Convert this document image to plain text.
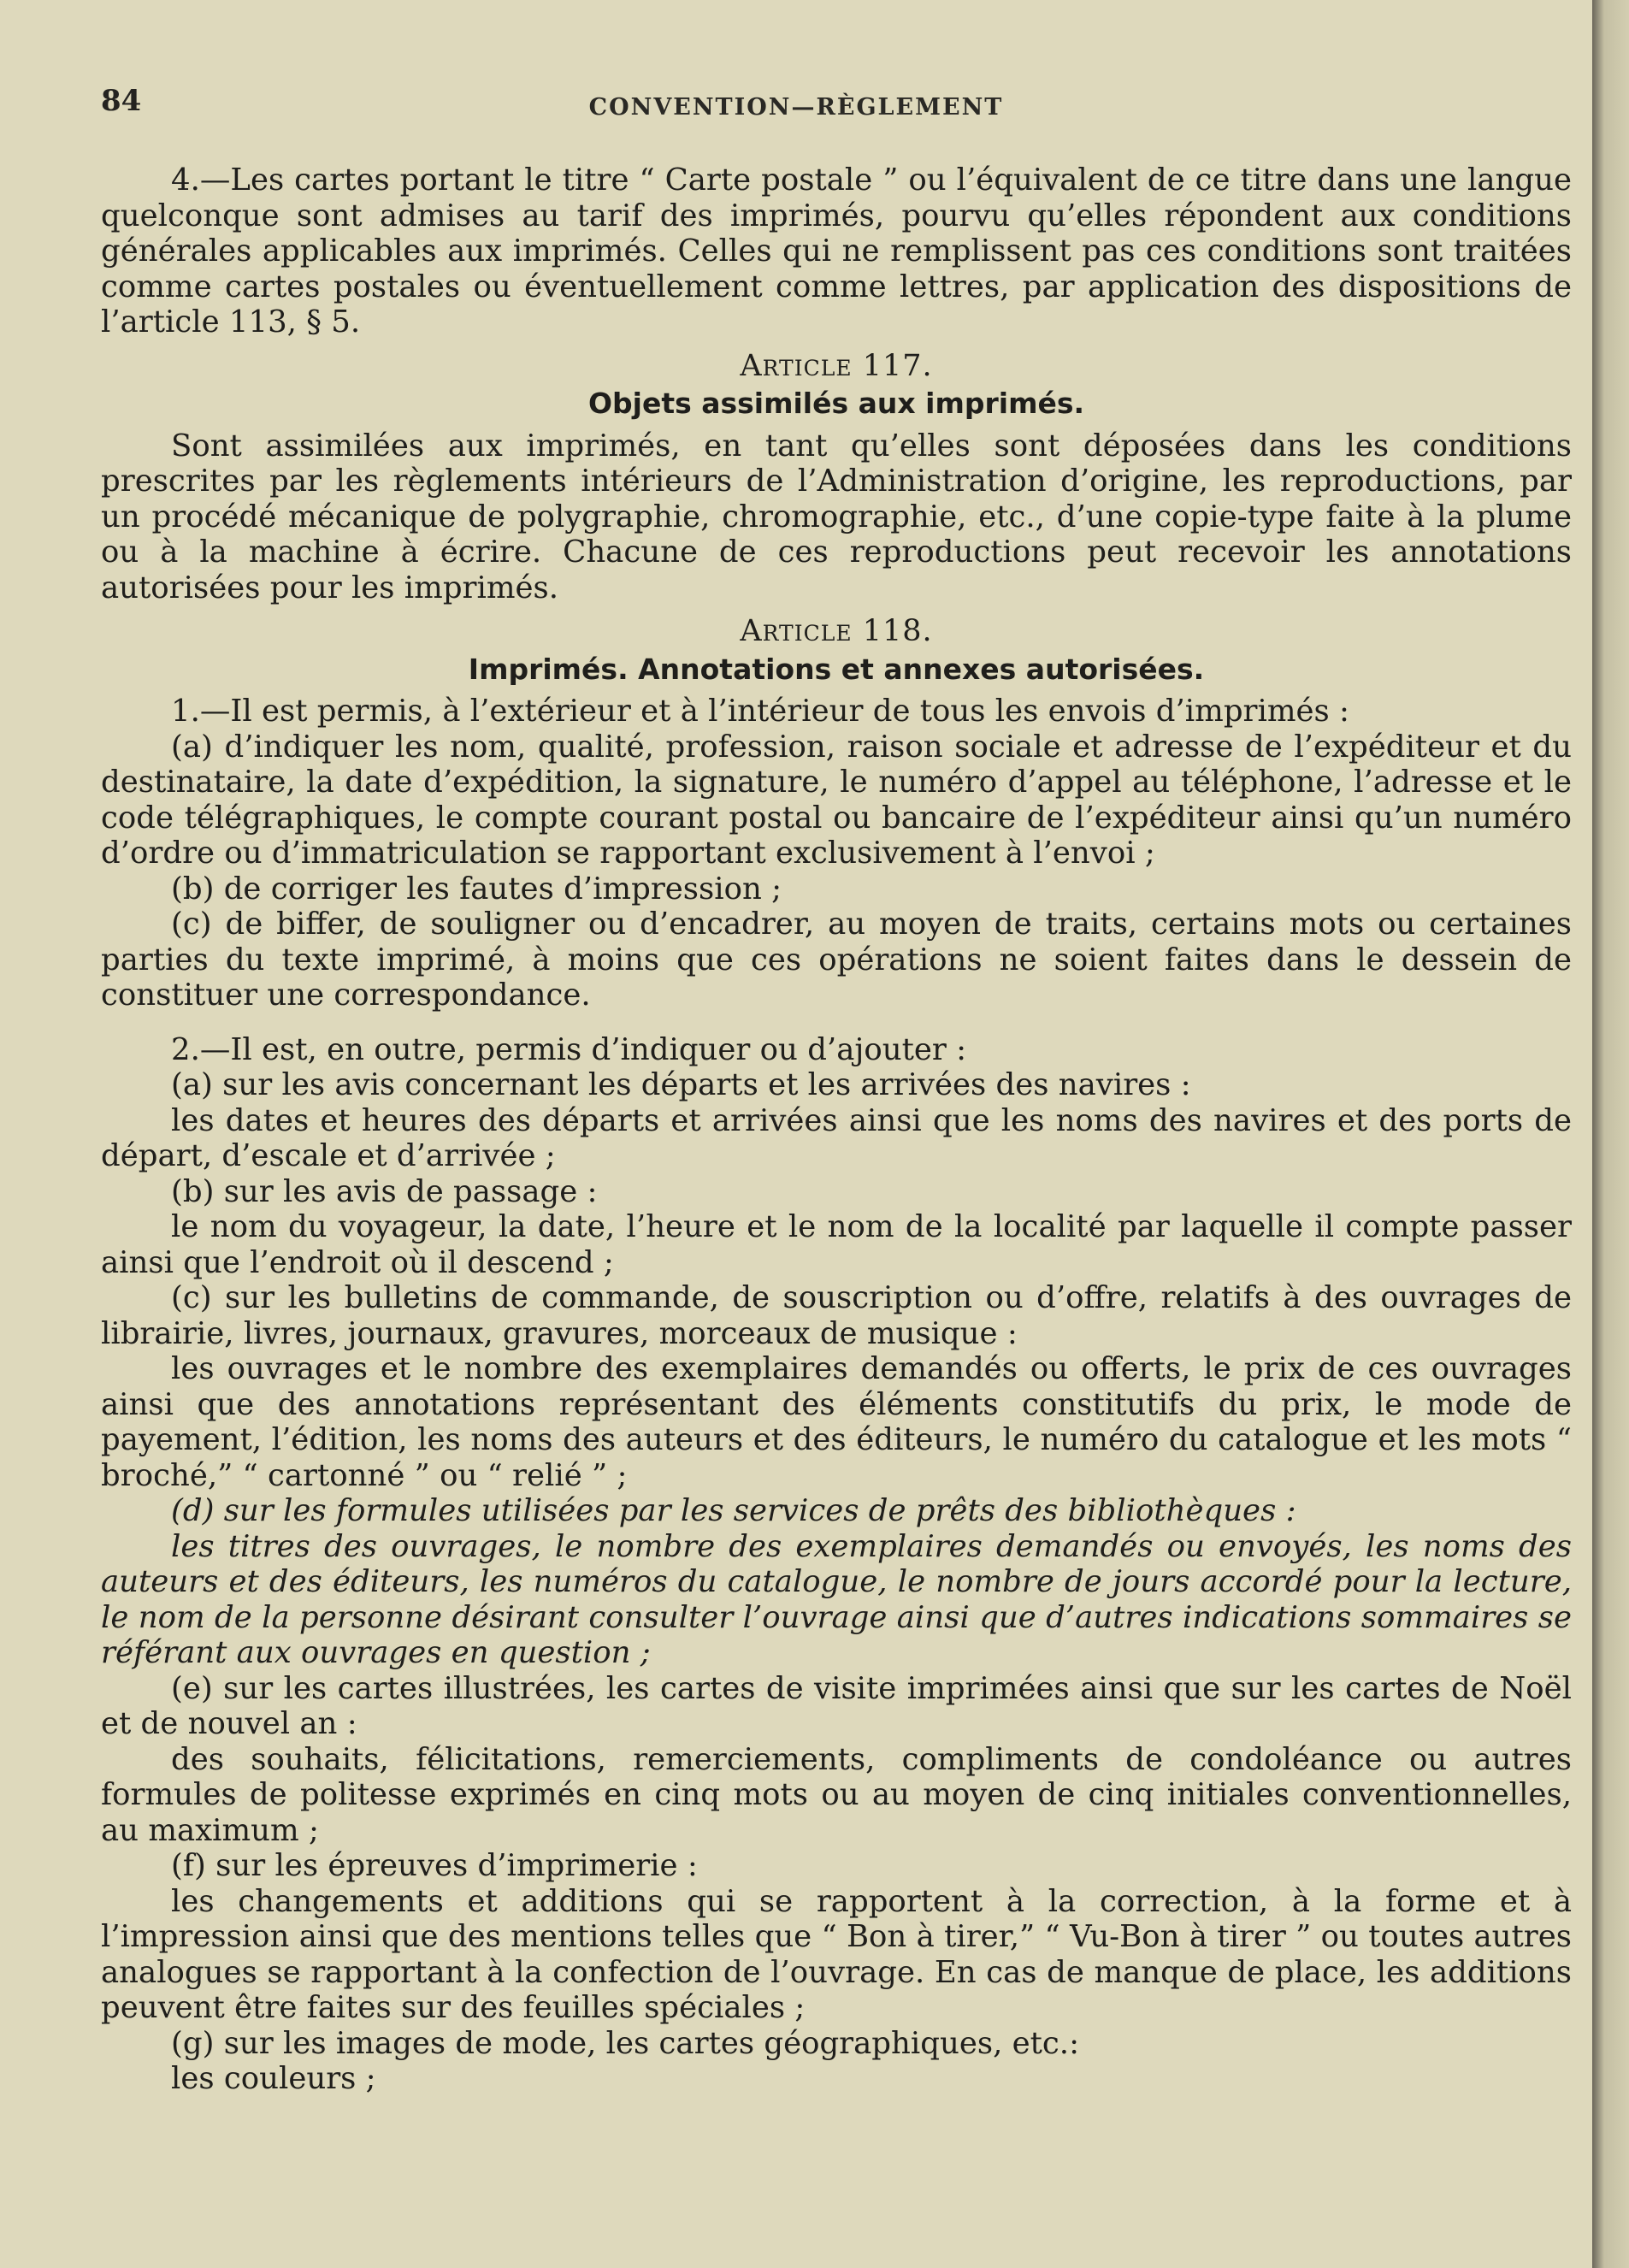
84	CONVENTION—RÈGLEMENT

4.—Les cartes portant le titre “ Carte postale ” ou l’équivalent de ce titre dans une langue quelconque sont admises au tarif des imprimés, pourvu qu’elles répondent aux conditions générales applicables aux imprimés. Celles qui ne remplissent pas ces conditions sont traitées comme cartes postales ou éventuellement comme lettres, par application des dispositions de l’article 113, § 5.

Article 117.

Objets assimilés aux imprimés.

Sont assimilées aux imprimés, en tant qu’elles sont déposées dans les conditions prescrites par les règlements intérieurs de l’Administration d’origine, les reproductions, par un procédé mécanique de polygraphie, chromographie, etc., d’une copie-type faite à la plume ou à la machine à écrire. Chacune de ces reproductions peut recevoir les annotations autorisées pour les imprimés.

Article 118.

Imprimés. Annotations et annexes autorisées.

1.—Il est permis, à l’extérieur et à l’intérieur de tous les envois d’imprimés :

(a) d’indiquer les nom, qualité, profession, raison sociale et adresse de l’expéditeur et du destinataire, la date d’expédition, la signature, le numéro d’appel au téléphone, l’adresse et le code télégraphiques, le compte courant postal ou bancaire de l’expéditeur ainsi qu’un numéro d’ordre ou d’immatriculation se rapportant exclusivement à l’envoi ;

(b) de corriger les fautes d’impression ;

(c) de biffer, de souligner ou d’encadrer, au moyen de traits, certains mots ou certaines parties du texte imprimé, à moins que ces opérations ne soient faites dans le dessein de constituer une correspondance.

2.—Il est, en outre, permis d’indiquer ou d’ajouter :

(a) sur les avis concernant les départs et les arrivées des navires :

les dates et heures des départs et arrivées ainsi que les noms des navires et des ports de départ, d’escale et d’arrivée ;

(b) sur les avis de passage :

le nom du voyageur, la date, l’heure et le nom de la localité par laquelle il compte passer ainsi que l’endroit où il descend ;

(c) sur les bulletins de commande, de souscription ou d’offre, relatifs à des ouvrages de librairie, livres, journaux, gravures, morceaux de musique :

les ouvrages et le nombre des exemplaires demandés ou offerts, le prix de ces ouvrages ainsi que des annotations représentant des éléments constitutifs du prix, le mode de payement, l’édition, les noms des auteurs et des éditeurs, le numéro du catalogue et les mots “ broché,” “ cartonné ” ou “ relié ” ;

(d) sur les formules utilisées par les services de prêts des bibliothèques :

les titres des ouvrages, le nombre des exemplaires demandés ou envoyés, les noms des auteurs et des éditeurs, les numéros du catalogue, le nombre de jours accordé pour la lecture, le nom de la personne désirant consulter l’ouvrage ainsi que d’autres indications sommaires se référant aux ouvrages en question ;

(e) sur les cartes illustrées, les cartes de visite imprimées ainsi que sur les cartes de Noël et de nouvel an :

des souhaits, félicitations, remerciements, compliments de condoléance ou autres formules de politesse exprimés en cinq mots ou au moyen de cinq initiales conventionnelles, au maximum ;

(f) sur les épreuves d’imprimerie :

les changements et additions qui se rapportent à la correction, à la forme et à l’impression ainsi que des mentions telles que “ Bon à tirer,” “ Vu-Bon à tirer ” ou toutes autres analogues se rapportant à la confection de l’ouvrage. En cas de manque de place, les additions peuvent être faites sur des feuilles spéciales ;

(g) sur les images de mode, les cartes géographiques, etc.:

les couleurs ;
